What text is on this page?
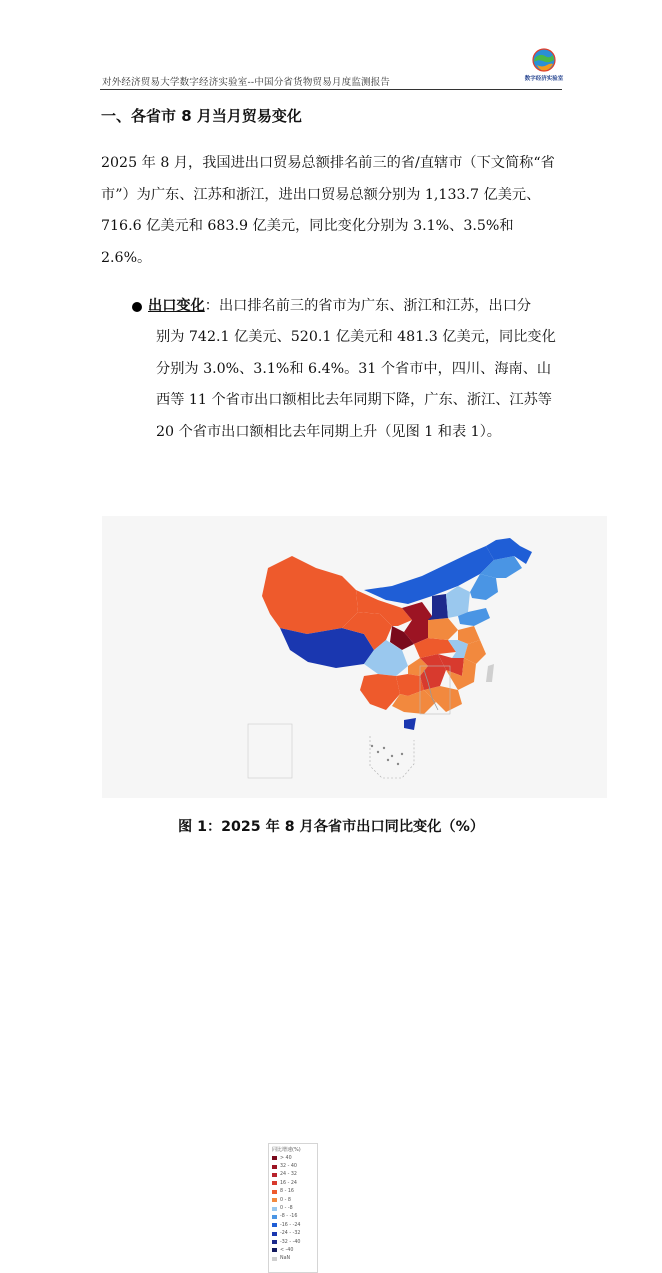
对外经济贸易大学数字经济实验室--中国分省货物贸易月度监测报告	数字经济实验室
一、各省市 8 月当月贸易变化
2025 年 8 月，我国进出口贸易总额排名前三的省/直辖市（下文简称“省市”）为广东、江苏和浙江，进出口贸易总额分别为 1,133.7 亿美元、716.6 亿美元和 683.9 亿美元，同比变化分别为 3.1%、3.5%和 2.6%。
出口变化：出口排名前三的省市为广东、浙江和江苏，出口分
别为 742.1 亿美元、520.1 亿美元和 481.3 亿美元，同比变化分别为 3.0%、3.1%和 6.4%。31 个省市中，四川、海南、山西等 11 个省市出口额相比去年同期下降，广东、浙江、江苏等 20 个省市出口额相比去年同期上升（见图 1 和表 1）。
同比增速(%)
> 40
32 - 40
24 - 32
16 - 24
8 - 16
0 - 8
0 - -8
-8 - -16
-16 - -24
-24 - -32
-32 - -40
< -40
NaN
图 1：2025 年 8 月各省市出口同比变化（%）
